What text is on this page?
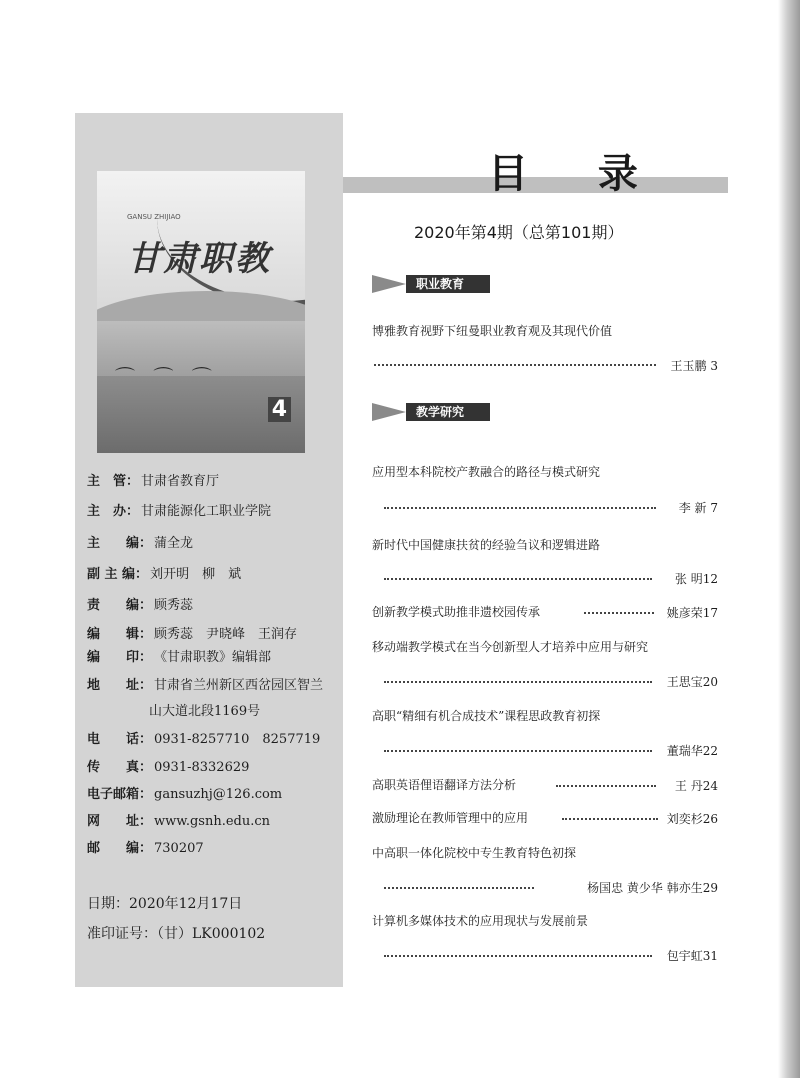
⌒ ⌒ ⌒
GANSU ZHIJIAO
甘肃职教
4
主　管： 甘肃省教育厅
主　办： 甘肃能源化工职业学院
主　　编： 蒲全龙
副 主 编： 刘开明　柳　斌
责　　编： 顾秀蕊
编　　辑： 顾秀蕊　尹晓峰　王润存
编　　印： 《甘肃职教》编辑部
地　　址： 甘肃省兰州新区西岔园区智兰
山大道北段1169号
电　　话： 0931-8257710　8257719
传　　真： 0931-8332629
电子邮箱： gansuzhj@126.com
网　　址： www.gsnh.edu.cn
邮　　编： 730207
日期：2020年12月17日
准印证号：（甘）LK000102
目 录
2020年第4期（总第101期）
职业教育
博雅教育视野下纽曼职业教育观及其现代价值
王玉鹏 3
教学研究
应用型本科院校产教融合的路径与模式研究
李 新 7
新时代中国健康扶贫的经验刍议和逻辑进路
张 明12
创新教学模式助推非遗校园传承	姚彦荣17
移动端教学模式在当今创新型人才培养中应用与研究
王思宝20
高职“精细有机合成技术”课程思政教育初探
董瑞华22
高职英语俚语翻译方法分析	王 丹24
激励理论在教师管理中的应用	刘奕杉26
中高职一体化院校中专生教育特色初探
杨国忠 黄少华 韩亦生29
计算机多媒体技术的应用现状与发展前景
包宇虹31
